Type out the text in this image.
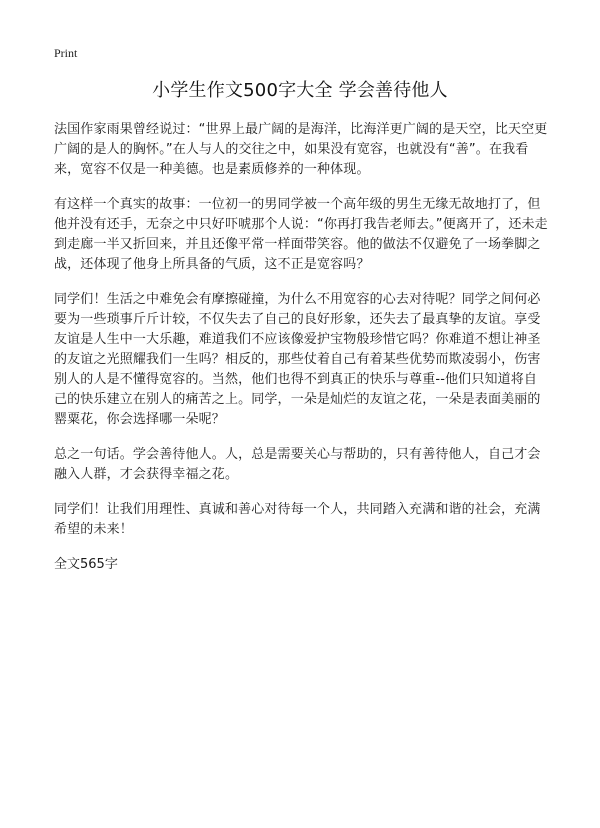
Print
小学生作文500字大全 学会善待他人

法国作家雨果曾经说过：“世界上最广阔的是海洋，比海洋更广阔的是天空，比天空更广阔的是人的胸怀。”在人与人的交往之中，如果没有宽容，也就没有“善”。在我看来，宽容不仅是一种美德。也是素质修养的一种体现。

有这样一个真实的故事：一位初一的男同学被一个高年级的男生无缘无故地打了，但他并没有还手，无奈之中只好吓唬那个人说：“你再打我告老师去。”便离开了，还未走到走廊一半又折回来，并且还像平常一样面带笑容。他的做法不仅避免了一场拳脚之战，还体现了他身上所具备的气质，这不正是宽容吗？

同学们！生活之中难免会有摩擦碰撞，为什么不用宽容的心去对待呢？同学之间何必要为一些琐事斤斤计较，不仅失去了自己的良好形象，还失去了最真挚的友谊。享受友谊是人生中一大乐趣，难道我们不应该像爱护宝物般珍惜它吗？你难道不想让神圣的友谊之光照耀我们一生吗？相反的，那些仗着自己有着某些优势而欺凌弱小，伤害别人的人是不懂得宽容的。当然，他们也得不到真正的快乐与尊重--他们只知道将自己的快乐建立在别人的痛苦之上。同学，一朵是灿烂的友谊之花，一朵是表面美丽的罂粟花，你会选择哪一朵呢？

总之一句话。学会善待他人。人，总是需要关心与帮助的，只有善待他人，自己才会融入人群，才会获得幸福之花。

同学们！让我们用理性、真诚和善心对待每一个人，共同踏入充满和谐的社会，充满希望的未来！

全文565字
